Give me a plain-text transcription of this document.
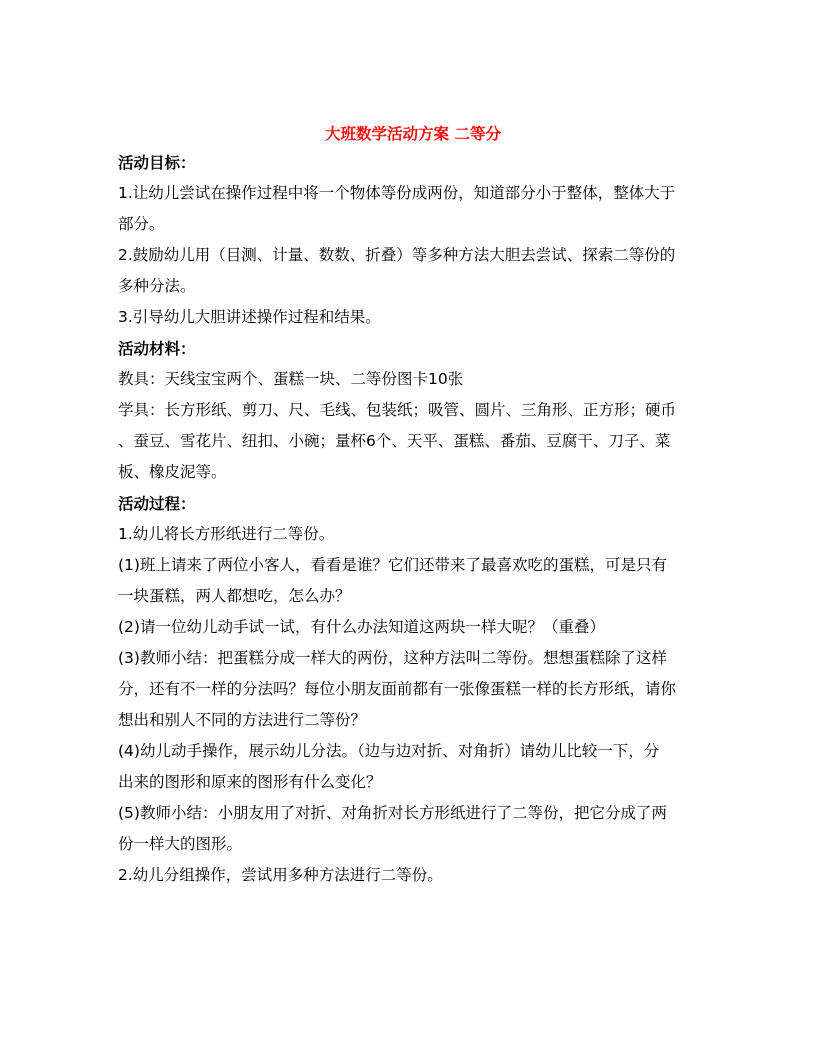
大班数学活动方案 二等分
活动目标：
1.让幼儿尝试在操作过程中将一个物体等份成两份，知道部分小于整体，整体大于
部分。
2.鼓励幼儿用（目测、计量、数数、折叠）等多种方法大胆去尝试、探索二等份的
多种分法。
3.引导幼儿大胆讲述操作过程和结果。
活动材料：
教具：天线宝宝两个、蛋糕一块、二等份图卡10张
学具：长方形纸、剪刀、尺、毛线、包装纸；吸管、圆片、三角形、正方形；硬币
、蚕豆、雪花片、纽扣、小碗；量杯6个、天平、蛋糕、番茄、豆腐干、刀子、菜
板、橡皮泥等。
活动过程：
1.幼儿将长方形纸进行二等份。
(1)班上请来了两位小客人，看看是谁？它们还带来了最喜欢吃的蛋糕，可是只有
一块蛋糕，两人都想吃，怎么办？
(2)请一位幼儿动手试一试，有什么办法知道这两块一样大呢？（重叠）
(3)教师小结：把蛋糕分成一样大的两份，这种方法叫二等份。想想蛋糕除了这样
分，还有不一样的分法吗？每位小朋友面前都有一张像蛋糕一样的长方形纸，请你
想出和别人不同的方法进行二等份？
(4)幼儿动手操作，展示幼儿分法。（边与边对折、对角折）请幼儿比较一下，分
出来的图形和原来的图形有什么变化？
(5)教师小结：小朋友用了对折、对角折对长方形纸进行了二等份，把它分成了两
份一样大的图形。
2.幼儿分组操作，尝试用多种方法进行二等份。
